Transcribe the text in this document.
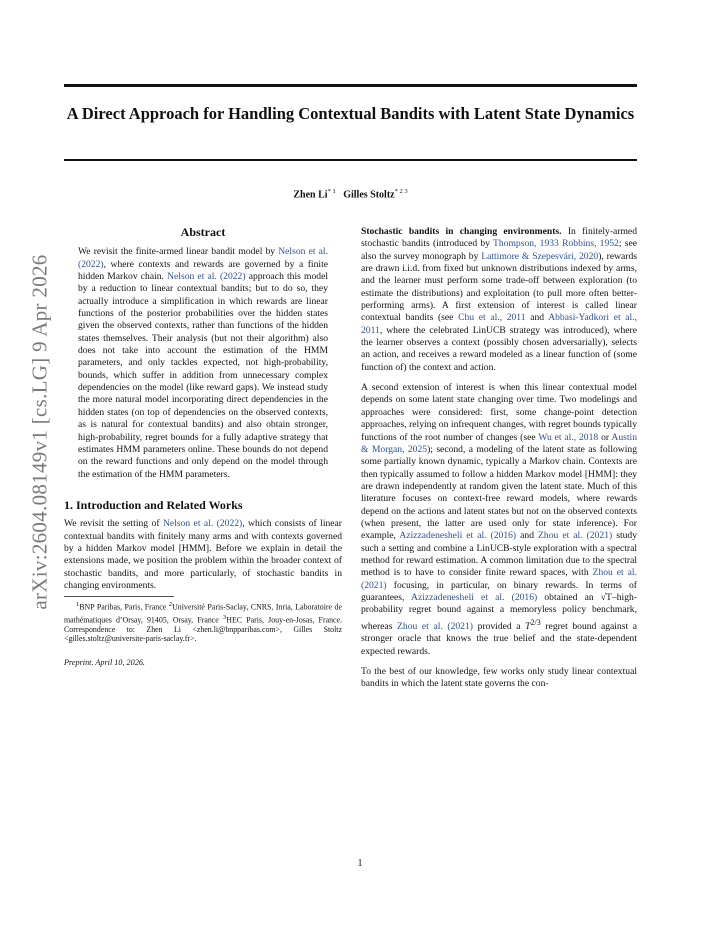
A Direct Approach for Handling Contextual Bandits with Latent State Dynamics
Zhen Li$^{* 1}$ Gilles Stoltz$^{* 2 3}$
arXiv:2604.08149v1 [cs.LG] 9 Apr 2026
Abstract

We revisit the finite-armed linear bandit model by Nelson et al. (2022), where contexts and rewards are governed by a finite hidden Markov chain. Nelson et al. (2022) approach this model by a reduction to linear contextual bandits; but to do so, they actually introduce a simplification in which rewards are linear functions of the posterior probabilities over the hidden states given the observed contexts, rather than functions of the hidden states themselves. Their analysis (but not their algorithm) also does not take into account the estimation of the HMM parameters, and only tackles expected, not high-probability, bounds, which suffer in addition from unnecessary complex dependencies on the model (like reward gaps). We instead study the more natural model incorporating direct dependencies in the hidden states (on top of dependencies on the observed contexts, as is natural for contextual bandits) and also obtain stronger, high-probability, regret bounds for a fully adaptive strategy that estimates HMM parameters online. These bounds do not depend on the reward functions and only depend on the model through the estimation of the HMM parameters.

1. Introduction and Related Works

We revisit the setting of Nelson et al. (2022), which consists of linear contextual bandits with finitely many arms and with contexts governed by a hidden Markov model [HMM]. Before we explain in detail the extensions made, we position the problem within the broader context of stochastic bandits, and more particularly, of stochastic bandits in changing environments.

$^1$BNP Paribas, Paris, France $^2$Université Paris-Saclay, CNRS, Inria, Laboratoire de mathématiques d’Orsay, 91405, Orsay, France $^3$HEC Paris, Jouy-en-Josas, France. Correspondence to: Zhen Li <zhen.li@bnpparibas.com>, Gilles Stoltz <gilles.stoltz@universite-paris-saclay.fr>.

Preprint. April 10, 2026.

Stochastic bandits in changing environments. In finitely-armed stochastic bandits (introduced by Thompson, 1933 Robbins, 1952; see also the survey monograph by Lattimore & Szepesvári, 2020), rewards are drawn i.i.d. from fixed but unknown distributions indexed by arms, and the learner must perform some trade-off between exploration (to estimate the distributions) and exploitation (to pull more often better-performing arms). A first extension of interest is called linear contextual bandits (see Chu et al., 2011 and Abbasi-Yadkori et al., 2011, where the celebrated LinUCB strategy was introduced), where the learner observes a context (possibly chosen adversarially), selects an action, and receives a reward modeled as a linear function of (some function of) the context and action.

A second extension of interest is when this linear contextual model depends on some latent state changing over time. Two modelings and approaches were considered: first, some change-point detection approaches, relying on infrequent changes, with regret bounds typically functions of the root number of changes (see Wu et al., 2018 or Austin & Morgan, 2025); second, a modeling of the latent state as following some partially known dynamic, typically a Markov chain. Contexts are then typically assumed to follow a hidden Markov model [HMM]: they are drawn independently at random given the latent state. Much of this literature focuses on context-free reward models, where rewards depend on the actions and latent states but not on the observed contexts (when present, the latter are used only for state inference). For example, Azizzadenesheli et al. (2016) and Zhou et al. (2021) study such a setting and combine a LinUCB-style exploration with a spectral method for reward estimation. A common limitation due to the spectral method is to have to consider finite reward spaces, with Zhou et al. (2021) focusing, in particular, on binary rewards. In terms of guarantees, Azizzadenesheli et al. (2016) obtained an √T–high-probability regret bound against a memoryless policy benchmark, whereas Zhou et al. (2021) provided a $T^{2/3}$ regret bound against a stronger oracle that knows the true belief and the state-dependent expected rewards.

To the best of our knowledge, few works only study linear contextual bandits in which the latent state governs the con-

1
